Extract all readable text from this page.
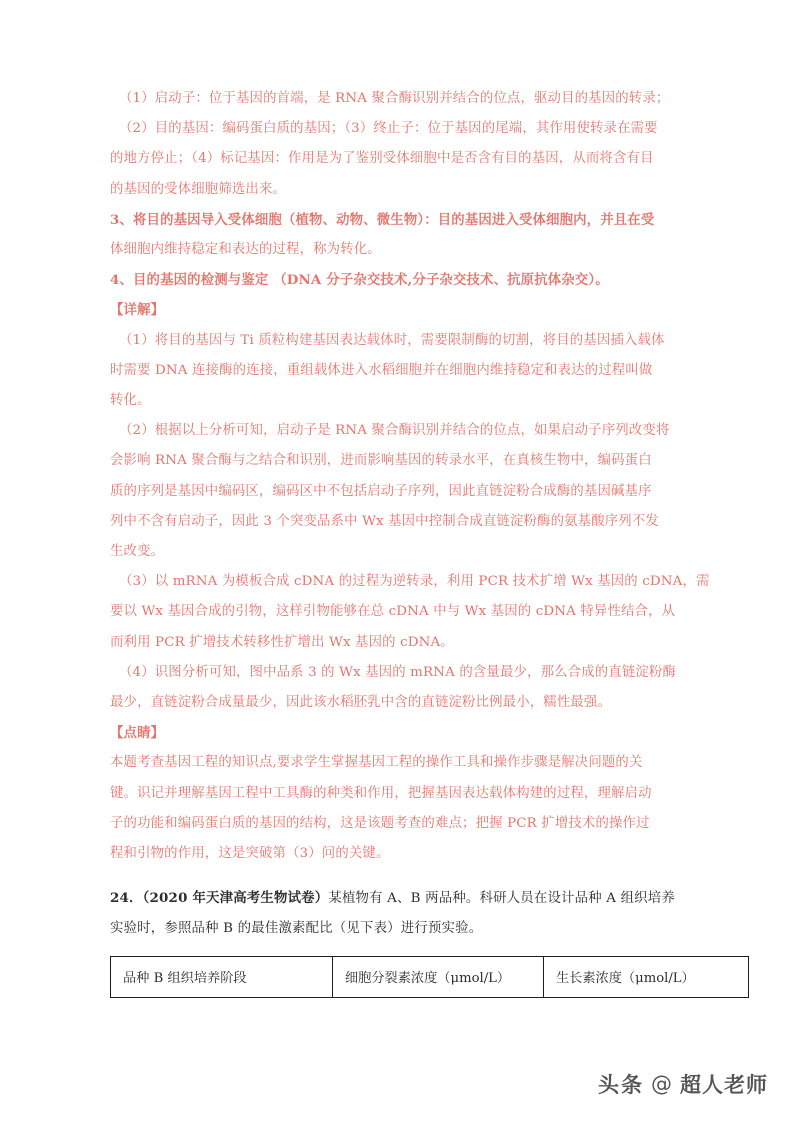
（1）启动子：位于基因的首端，是 RNA 聚合酶识别并结合的位点，驱动目的基因的转录；
（2）目的基因：编码蛋白质的基因；（3）终止子：位于基因的尾端，其作用使转录在需要
的地方停止；（4）标记基因：作用是为了鉴别受体细胞中是否含有目的基因，从而将含有目
的基因的受体细胞筛选出来。
3、将目的基因导入受体细胞（植物、动物、微生物）：目的基因进入受体细胞内，并且在受
体细胞内维持稳定和表达的过程，称为转化。
4、目的基因的检测与鉴定 （DNA 分子杂交技术,分子杂交技术、抗原抗体杂交）。
【详解】
（1）将目的基因与 Ti 质粒构建基因表达载体时，需要限制酶的切割，将目的基因插入载体
时需要 DNA 连接酶的连接，重组载体进入水稻细胞并在细胞内维持稳定和表达的过程叫做
转化。
（2）根据以上分析可知，启动子是 RNA 聚合酶识别并结合的位点，如果启动子序列改变将
会影响 RNA 聚合酶与之结合和识别，进而影响基因的转录水平，在真核生物中，编码蛋白
质的序列是基因中编码区，编码区中不包括启动子序列，因此直链淀粉合成酶的基因碱基序
列中不含有启动子，因此 3 个突变品系中 Wx 基因中控制合成直链淀粉酶的氨基酸序列不发
生改变。
（3）以 mRNA 为模板合成 cDNA 的过程为逆转录，利用 PCR 技术扩增 Wx 基因的 cDNA，需
要以 Wx 基因合成的引物，这样引物能够在总 cDNA 中与 Wx 基因的 cDNA 特异性结合，从
而利用 PCR 扩增技术转移性扩增出 Wx 基因的 cDNA。
（4）识图分析可知，图中品系 3 的 Wx 基因的 mRNA 的含量最少，那么合成的直链淀粉酶
最少，直链淀粉合成量最少，因此该水稻胚乳中含的直链淀粉比例最小，糯性最强。
【点睛】
本题考查基因工程的知识点,要求学生掌握基因工程的操作工具和操作步骤是解决问题的关
键。识记并理解基因工程中工具酶的种类和作用，把握基因表达载体构建的过程，理解启动
子的功能和编码蛋白质的基因的结构，这是该题考查的难点；把握 PCR 扩增技术的操作过
程和引物的作用，这是突破第（3）问的关键。
24．（2020 年天津高考生物试卷）某植物有 A、B 两品种。科研人员在设计品种 A 组织培养
实验时，参照品种 B 的最佳激素配比（见下表）进行预实验。
品种 B 组织培养阶段	细胞分裂素浓度（μmol/L）	生长素浓度（μmol/L）
头条 @ 超人老师
